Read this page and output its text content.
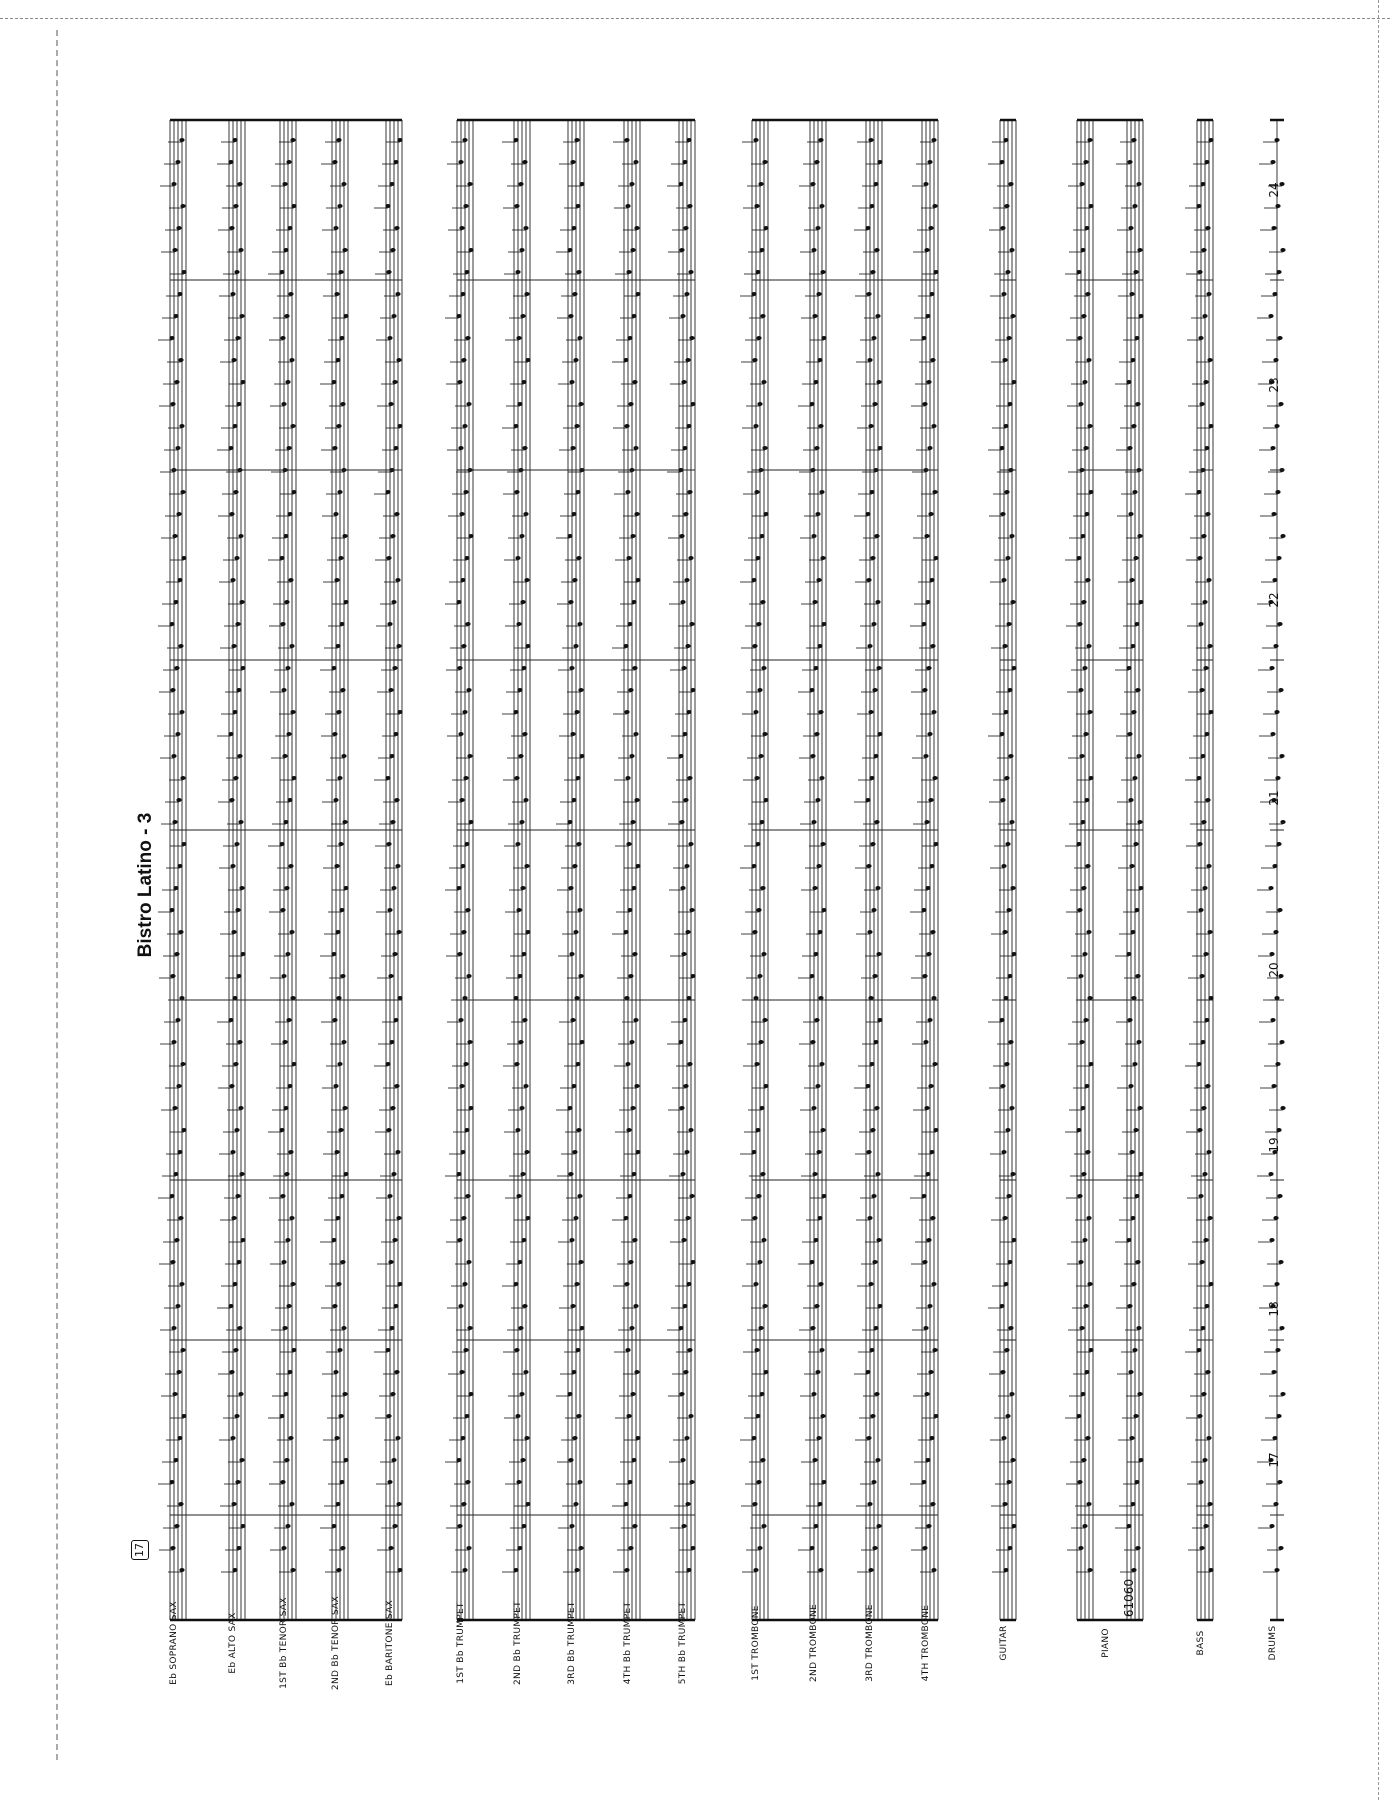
Bistro Latino - 3
17
61060
Eb SOPRANO SAX	Eb ALTO SAX	1ST Bb TENOR SAX	2ND Bb TENOR SAX	Eb BARITONE SAX	1ST Bb TRUMPET	2ND Bb TRUMPET	3RD Bb TRUMPET	4TH Bb TRUMPET	5TH Bb TRUMPET	1ST TROMBONE	2ND TROMBONE	3RD TROMBONE	4TH TROMBONE	GUITAR	PIANO	BASS	DRUMS
17
18
19
20
21
22
23
24
